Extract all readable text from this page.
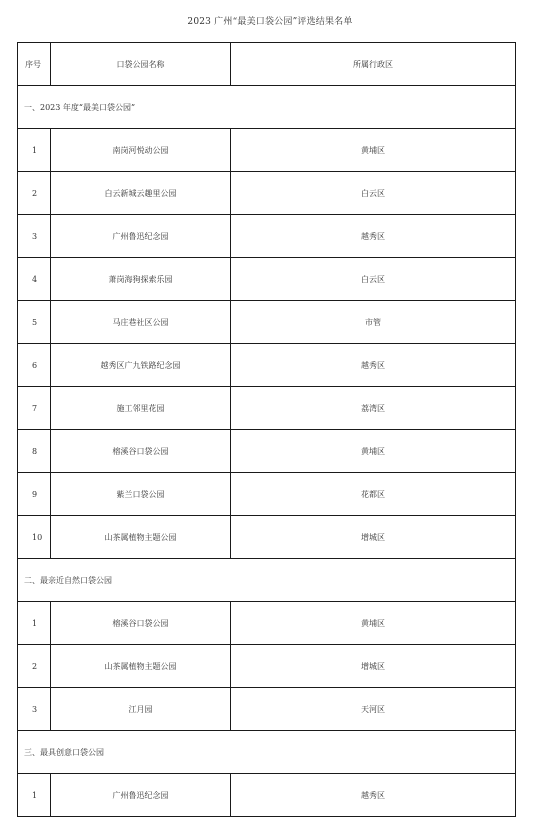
2023 广州“最美口袋公园”评选结果名单
序号	口袋公园名称	所属行政区
一、2023 年度“最美口袋公园”		
1	南岗河悦动公园	黄埔区
2	白云新城云趣里公园	白云区
3	广州鲁迅纪念园	越秀区
4	萧岗海狗探索乐园	白云区
5	马庄巷社区公园	市管
6	越秀区广九铁路纪念园	越秀区
7	施工邻里花园	荔湾区
8	榕溪谷口袋公园	黄埔区
9	紫兰口袋公园	花都区
10	山茶属植物主题公园	增城区
二、最亲近自然口袋公园		
1	榕溪谷口袋公园	黄埔区
2	山茶属植物主题公园	增城区
3	江月园	天河区
三、最具创意口袋公园		
1	广州鲁迅纪念园	越秀区
